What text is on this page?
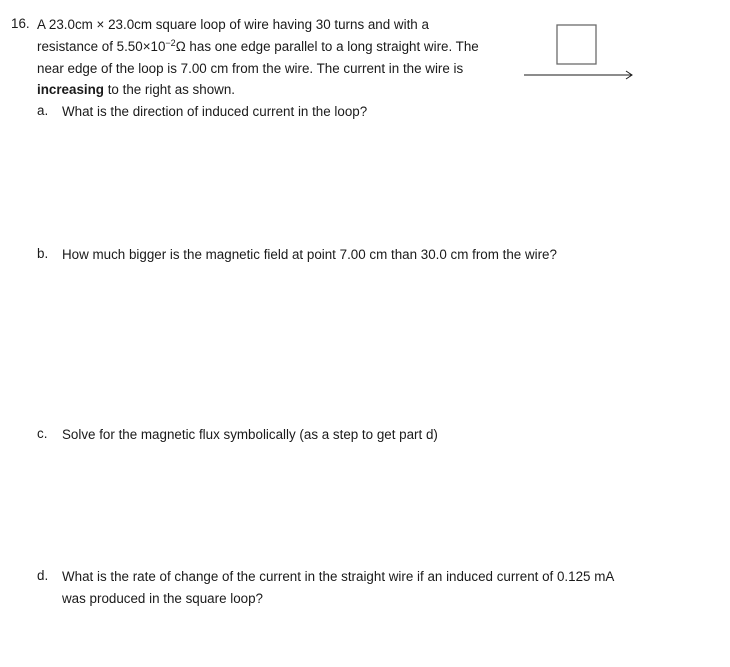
16. A 23.0cm × 23.0cm square loop of wire having 30 turns and with a
resistance of $5.50\times 10^{-2}\Omega$ has one edge parallel to a long straight wire. The
near edge of the loop is 7.00 cm from the wire. The current in the wire is
increasing to the right as shown.
a. What is the direction of induced current in the loop?
b. How much bigger is the magnetic field at point 7.00 cm than 30.0 cm from the wire?
c. Solve for the magnetic flux symbolically (as a step to get part d)
d. What is the rate of change of the current in the straight wire if an induced current of 0.125 mA
was produced in the square loop?
